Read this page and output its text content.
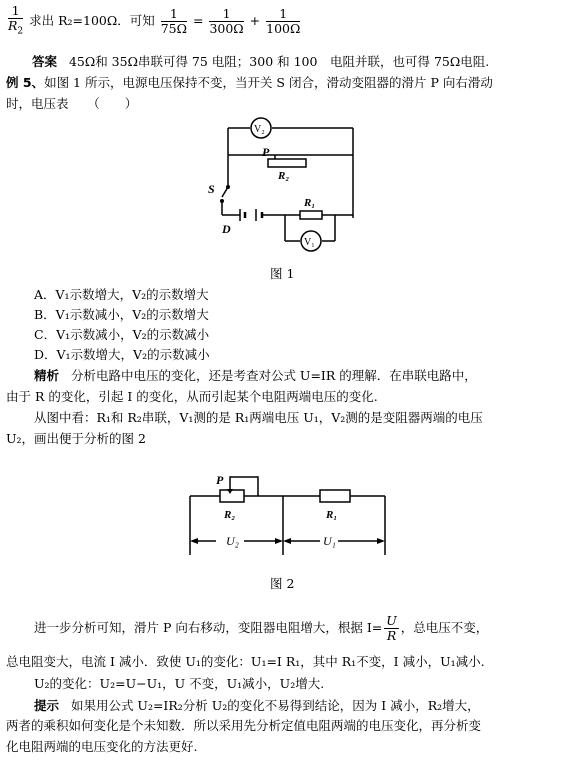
$\frac{1}{R_2}$ 求出 R₂=100Ω．可知 $\frac{1}{75\Omega} = \frac{1}{300\Omega} + \frac{1}{100\Omega}$
答案 45Ω和 35Ω串联可得 75 电阻；300 和 100　电阻并联，也可得 75Ω电阻.
例 5、如图 1 所示，电源电压保持不变，当开关 S 闭合，滑动变阻器的滑片 P 向右滑动
时，电压表　　（　　）
V₂
P
R₂
S
D
R₁
V₁
图 1
A．V₁示数增大，V₂的示数增大
B．V₁示数减小，V₂的示数增大
C．V₁示数减小，V₂的示数减小
D．V₁示数增大，V₂的示数减小
精析 分析电路中电压的变化，还是考查对公式 U=IR 的理解．在串联电路中，
由于 R 的变化，引起 I 的变化，从而引起某个电阻两端电压的变化.
从图中看：R₁和 R₂串联，V₁测的是 R₁两端电压 U₁，V₂测的是变阻器两端的电压
U₂，画出便于分析的图 2
P
R₂	R₁
U₂	U₁
图 2
进一步分析可知，滑片 P 向右移动，变阻器电阻增大，根据 $I= \frac{U}{R}$ ，总电压不变，
总电阻变大，电流 I 减小．致使 U₁的变化：U₁=I R₁，其中 R₁不变，I 减小，U₁减小.
U₂的变化：U₂=U−U₁，U 不变，U₁减小，U₂增大.
提示 如果用公式 U₂=IR₂分析 U₂的变化不易得到结论，因为 I 减小，R₂增大，
两者的乘积如何变化是个未知数．所以采用先分析定值电阻两端的电压变化，再分析变
化电阻两端的电压变化的方法更好.
